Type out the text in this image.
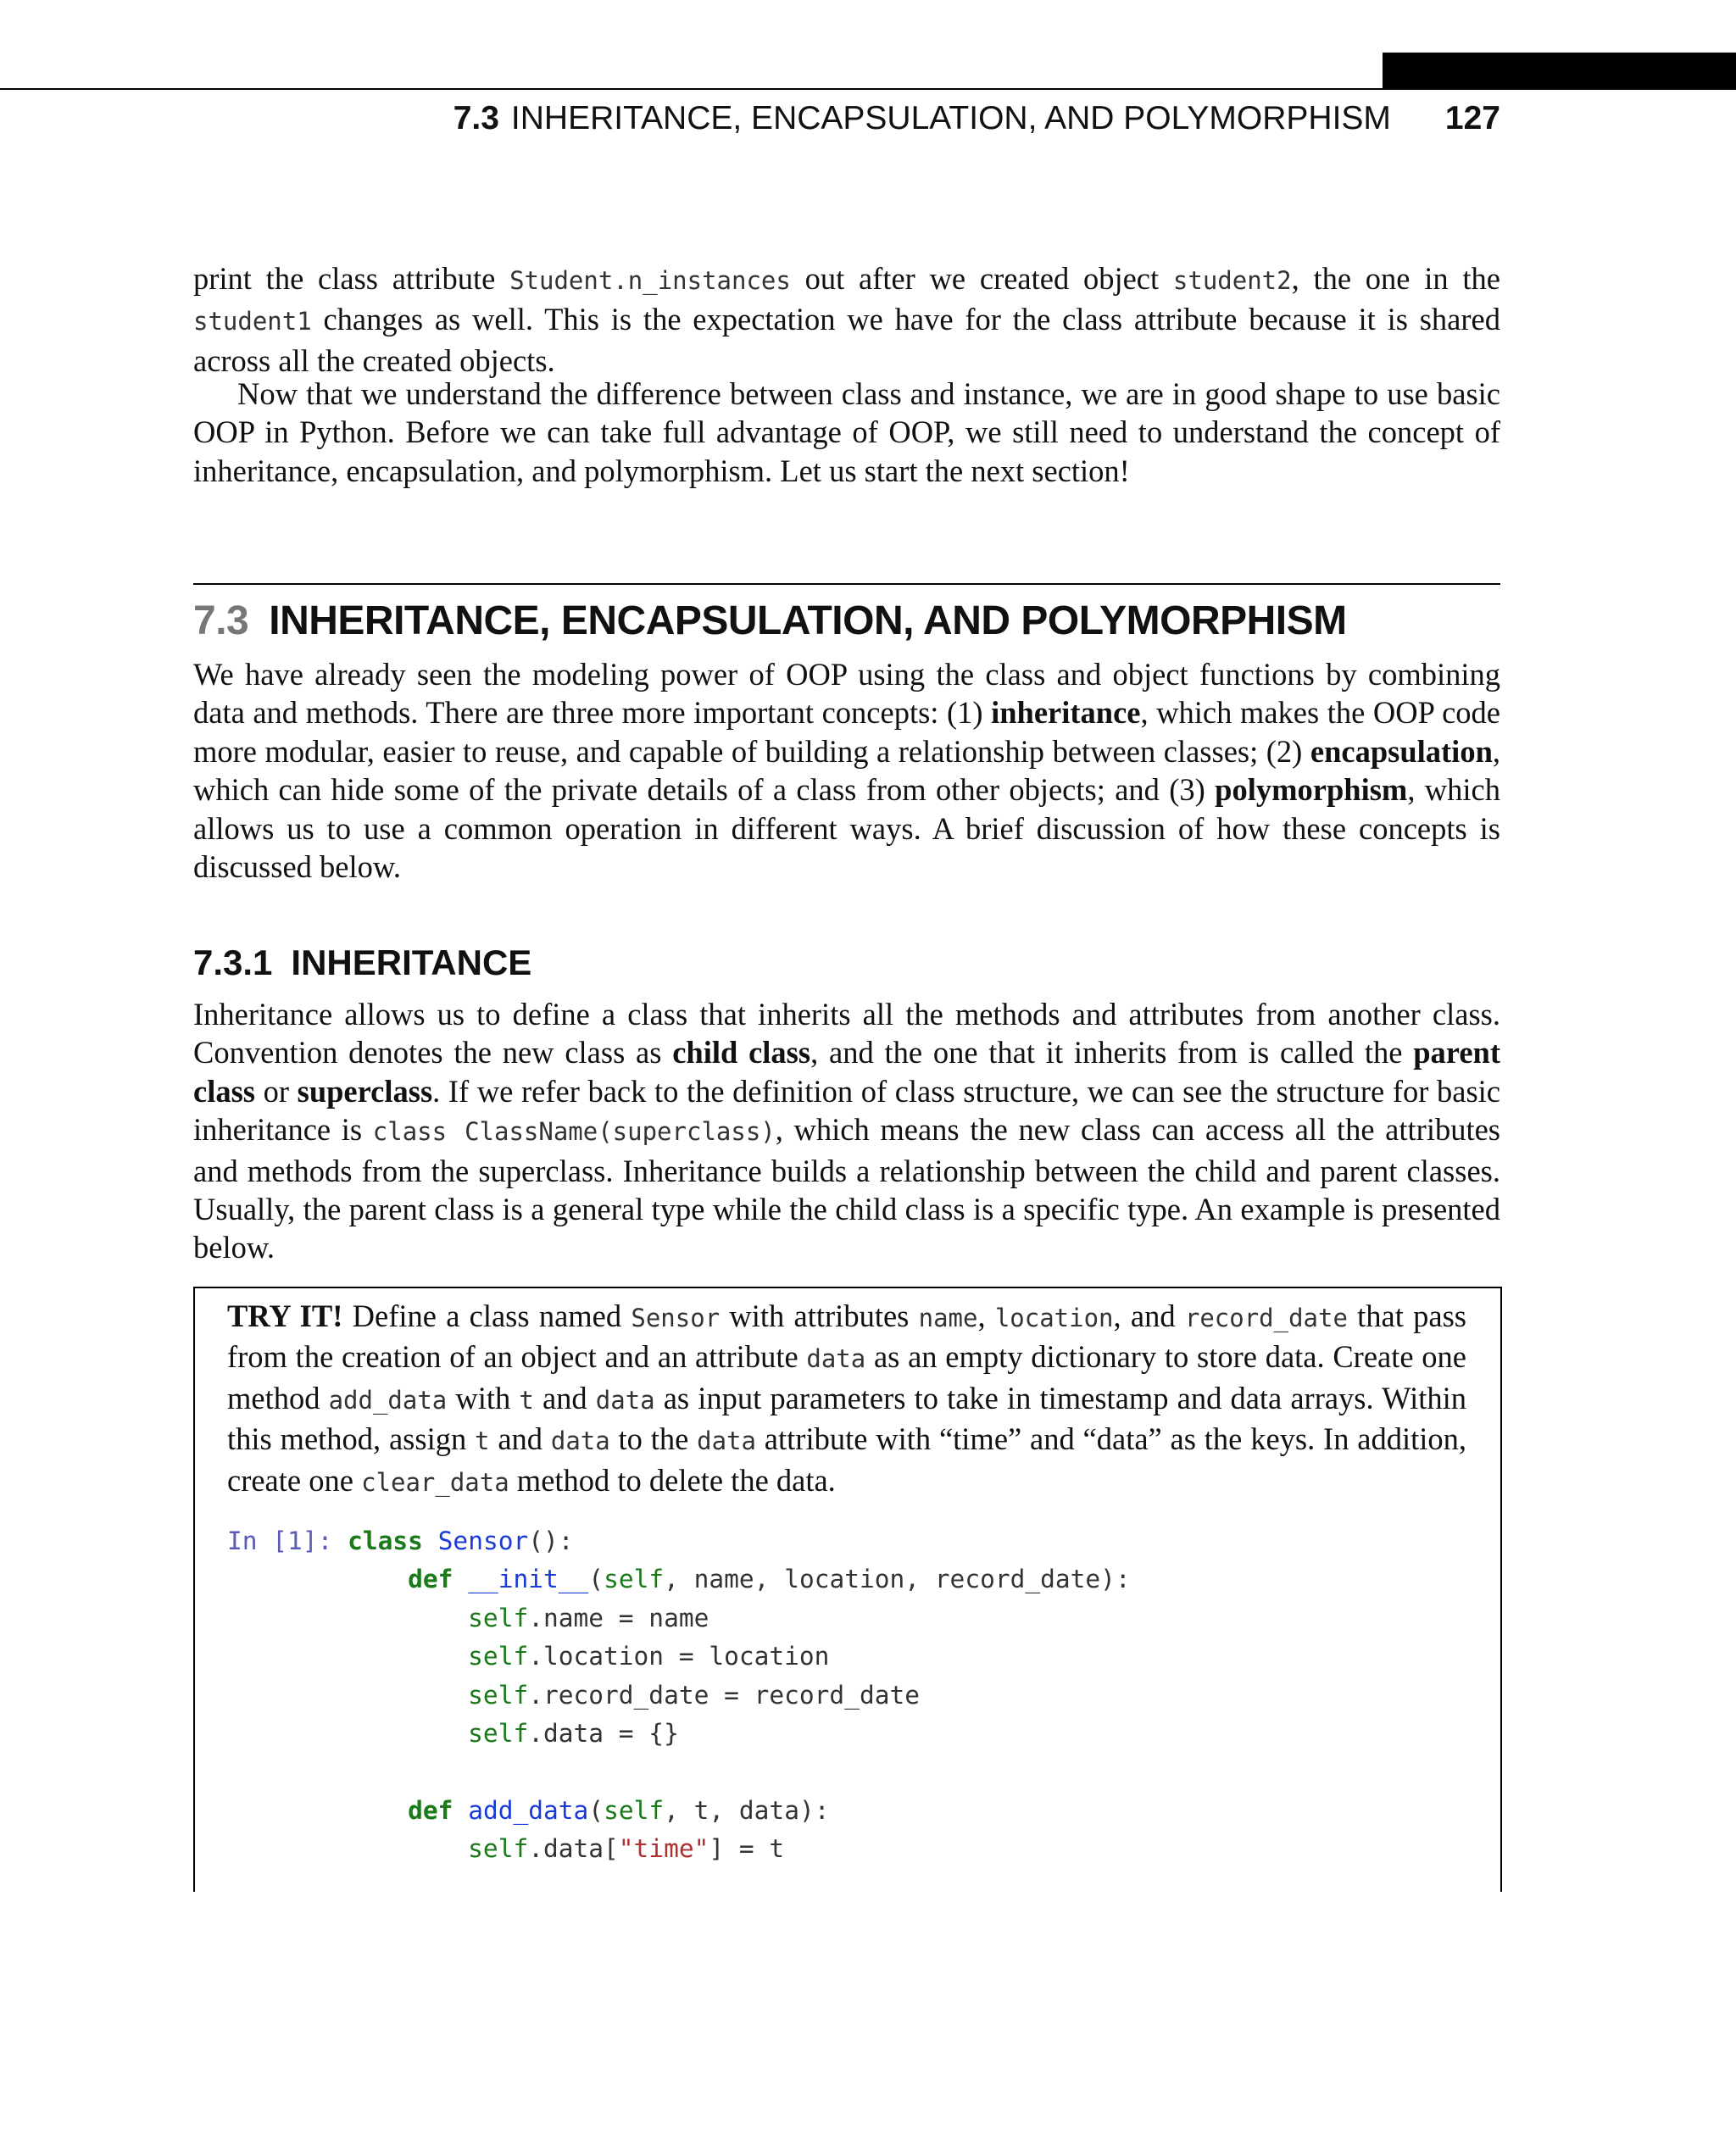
7.3 INHERITANCE, ENCAPSULATION, AND POLYMORPHISM 127

print the class attribute Student.n_instances out after we created object student2, the one in the student1 changes as well. This is the expectation we have for the class attribute because it is shared across all the created objects.

Now that we understand the difference between class and instance, we are in good shape to use basic OOP in Python. Before we can take full advantage of OOP, we still need to understand the concept of inheritance, encapsulation, and polymorphism. Let us start the next section!

7.3 INHERITANCE, ENCAPSULATION, AND POLYMORPHISM

We have already seen the modeling power of OOP using the class and object functions by combining data and methods. There are three more important concepts: (1) inheritance, which makes the OOP code more modular, easier to reuse, and capable of building a relationship between classes; (2) encapsulation, which can hide some of the private details of a class from other objects; and (3) polymorphism, which allows us to use a common operation in different ways. A brief discussion of how these concepts is discussed below.

7.3.1 INHERITANCE

Inheritance allows us to define a class that inherits all the methods and attributes from another class. Convention denotes the new class as child class, and the one that it inherits from is called the parent class or superclass. If we refer back to the definition of class structure, we can see the structure for basic inheritance is class ClassName(superclass), which means the new class can access all the attributes and methods from the superclass. Inheritance builds a relationship between the child and parent classes. Usually, the parent class is a general type while the child class is a specific type. An example is presented below.

TRY IT! Define a class named Sensor with attributes name, location, and record_date that pass from the creation of an object and an attribute data as an empty dictionary to store data. Create one method add_data with t and data as input parameters to take in timestamp and data arrays. Within this method, assign t and data to the data attribute with “time” and “data” as the keys. In addition, create one clear_data method to delete the data.

In [1]: class Sensor():
def __init__(self, name, location, record_date):
self.name = name
self.location = location
self.record_date = record_date
self.data = {}
def add_data(self, t, data):
self.data["time"] = t
